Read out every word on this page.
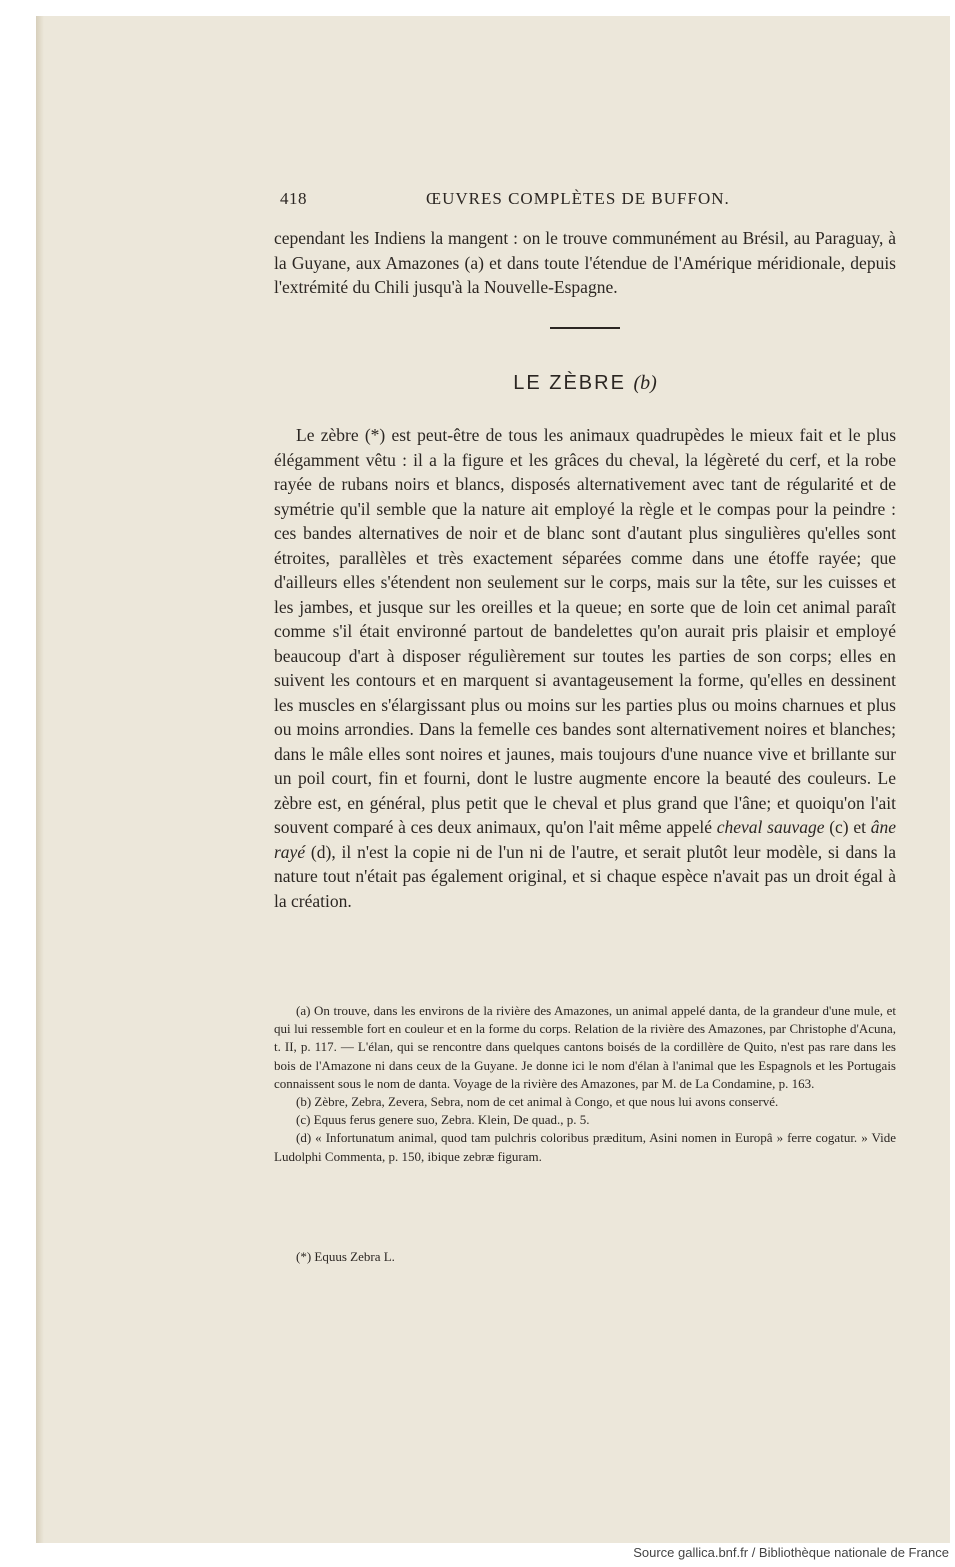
418	ŒUVRES COMPLÈTES DE BUFFON.

cependant les Indiens la mangent : on le trouve communément au Brésil, au Paraguay, à la Guyane, aux Amazones (a) et dans toute l'étendue de l'Amérique méridionale, depuis l'extrémité du Chili jusqu'à la Nouvelle-Espagne.

LE ZÈBRE (b)

Le zèbre (*) est peut-être de tous les animaux quadrupèdes le mieux fait et le plus élégamment vêtu : il a la figure et les grâces du cheval, la légèreté du cerf, et la robe rayée de rubans noirs et blancs, disposés alternativement avec tant de régularité et de symétrie qu'il semble que la nature ait employé la règle et le compas pour la peindre : ces bandes alternatives de noir et de blanc sont d'autant plus singulières qu'elles sont étroites, parallèles et très exactement séparées comme dans une étoffe rayée; que d'ailleurs elles s'étendent non seulement sur le corps, mais sur la tête, sur les cuisses et les jambes, et jusque sur les oreilles et la queue; en sorte que de loin cet animal paraît comme s'il était environné partout de bandelettes qu'on aurait pris plaisir et employé beaucoup d'art à disposer régulièrement sur toutes les parties de son corps; elles en suivent les contours et en marquent si avantageusement la forme, qu'elles en dessinent les muscles en s'élargissant plus ou moins sur les parties plus ou moins charnues et plus ou moins arrondies. Dans la femelle ces bandes sont alternativement noires et blanches; dans le mâle elles sont noires et jaunes, mais toujours d'une nuance vive et brillante sur un poil court, fin et fourni, dont le lustre augmente encore la beauté des couleurs. Le zèbre est, en général, plus petit que le cheval et plus grand que l'âne; et quoiqu'on l'ait souvent comparé à ces deux animaux, qu'on l'ait même appelé cheval sauvage (c) et âne rayé (d), il n'est la copie ni de l'un ni de l'autre, et serait plutôt leur modèle, si dans la nature tout n'était pas également original, et si chaque espèce n'avait pas un droit égal à la création.

(a) On trouve, dans les environs de la rivière des Amazones, un animal appelé danta, de la grandeur d'une mule, et qui lui ressemble fort en couleur et en la forme du corps. Relation de la rivière des Amazones, par Christophe d'Acuna, t. II, p. 117. — L'élan, qui se rencontre dans quelques cantons boisés de la cordillère de Quito, n'est pas rare dans les bois de l'Amazone ni dans ceux de la Guyane. Je donne ici le nom d'élan à l'animal que les Espagnols et les Portugais connaissent sous le nom de danta. Voyage de la rivière des Amazones, par M. de La Condamine, p. 163.

(b) Zèbre, Zebra, Zevera, Sebra, nom de cet animal à Congo, et que nous lui avons conservé.

(c) Equus ferus genere suo, Zebra. Klein, De quad., p. 5.

(d) « Infortunatum animal, quod tam pulchris coloribus præditum, Asini nomen in Europâ » ferre cogatur. » Vide Ludolphi Commenta, p. 150, ibique zebræ figuram.

(*) Equus Zebra L.
Source gallica.bnf.fr / Bibliothèque nationale de France
